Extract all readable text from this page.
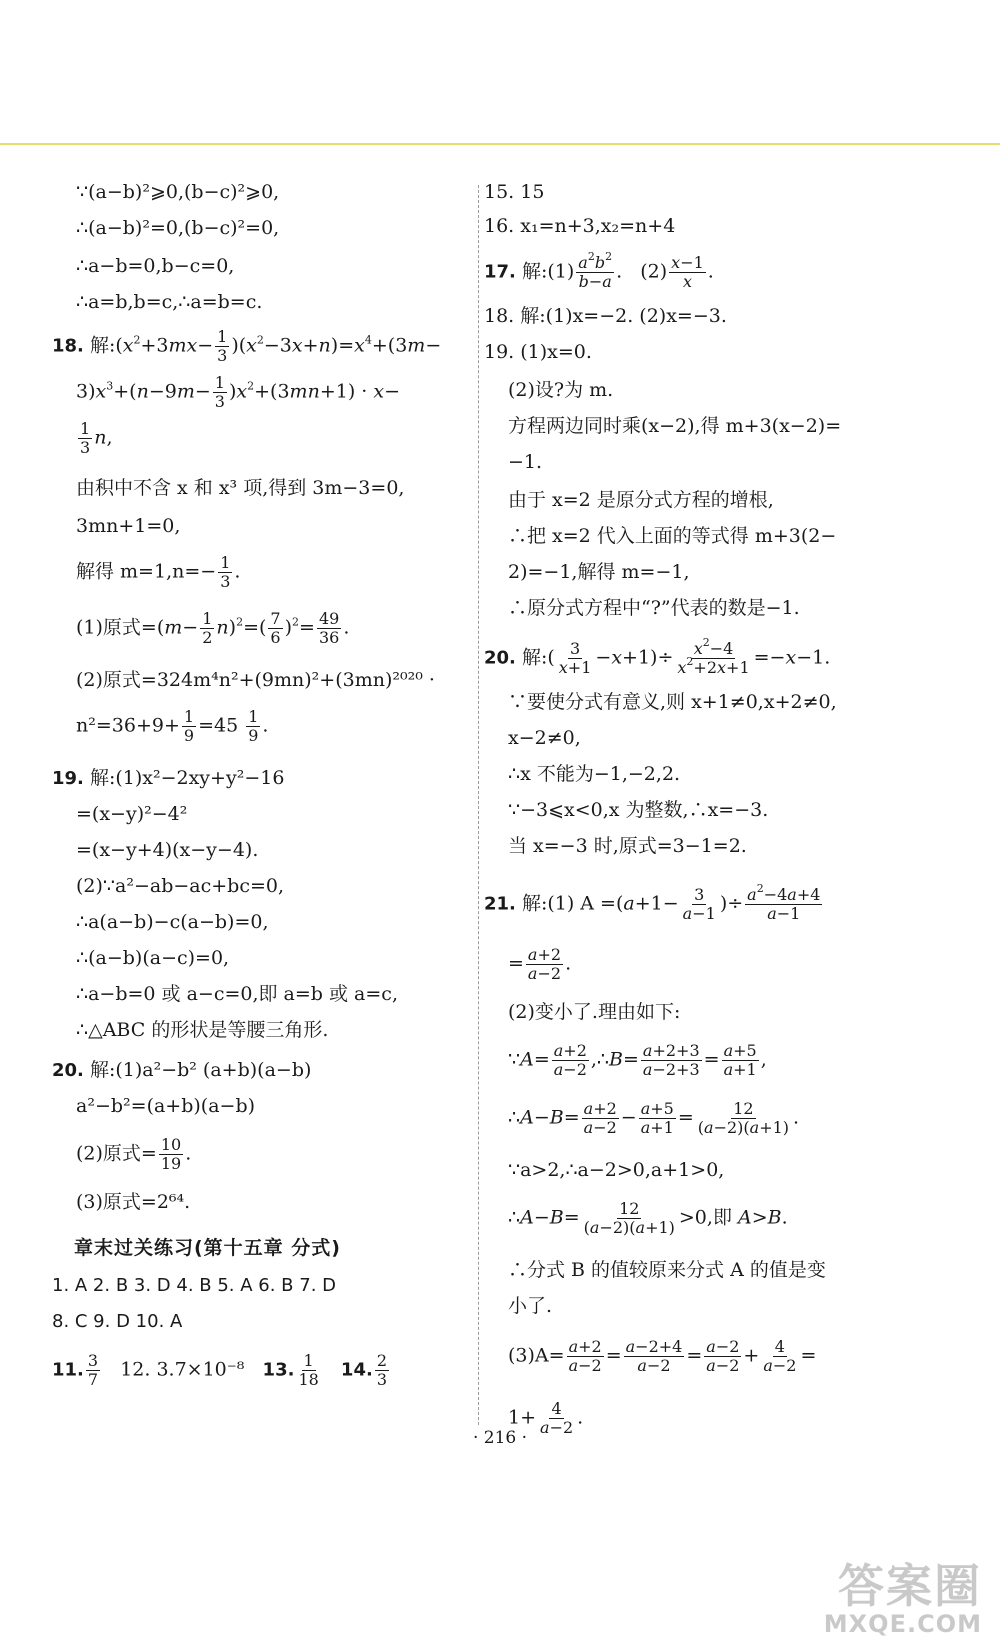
∵(a−b)²⩾0,(b−c)²⩾0,
∴(a−b)²=0,(b−c)²=0,
∴a−b=0,b−c=0,
∴a=b,b=c,∴a=b=c.
18. 解$:(x^2+3mx- \frac{1}{3} )(x^2-3x+n)=x^4+(3m-$
$3)x^3+(n-9m- \frac{1}{3} )x^2+(3mn+1) \cdot x-$
$\frac{1}{3} n$,
由积中不含 x 和 x³ 项,得到 3m−3=0,
3mn+1=0,
解得 $m=1,n=- \frac{1}{3}$ .
(1)原式$=(m- \frac{1}{2} n)^2=( \frac{7}{6} )^2= \frac{49}{36}$ .
(2)原式=324m⁴n²+(9mn)²+(3mn)²⁰²⁰ ·
$n^2=36+9+ \frac{1}{9} =45 \frac{1}{9}$ .
19. 解:(1)x²−2xy+y²−16
=(x−y)²−4²
=(x−y+4)(x−y−4).
(2)∵a²−ab−ac+bc=0,
∴a(a−b)−c(a−b)=0,
∴(a−b)(a−c)=0,
∴a−b=0 或 a−c=0,即 a=b 或 a=c,
∴△ABC 的形状是等腰三角形.
20. 解:(1)a²−b² (a+b)(a−b)
a²−b²=(a+b)(a−b)
(2)原式= $\frac{10}{19}$ .
(3)原式=2⁶⁴.
章末过关练习(第十五章 分式)
1. A 2. B 3. D 4. B 5. A 6. B 7. D
8. C 9. D 10. A
11. $\frac{3}{7} 12$. 3.7×10⁻⁸ 13. $\frac{1}{18} 14$. $\frac{2}{3}$
15. 15
16. x₁=n+3,x₂=n+4
17. 解:(1) $\frac{a^2b^2}{b-a}$ .   $(2) \frac{x-1}{x}$ .
18. 解:(1)x=−2. (2)x=−3.
19. (1)x=0.
(2)设?为 m.
方程两边同时乘(x−2),得 m+3(x−2)=
−1.
由于 x=2 是原分式方程的增根,
∴把 x=2 代入上面的等式得 m+3(2−
2)=−1,解得 m=−1,
∴原分式方程中“?”代表的数是−1.
20. 解:( $\frac{3}{x+1} -x+1)\div \frac{x^2-4}{x^2+2x+1} =-x-1$.
∵要使分式有意义,则 x+1≠0,x+2≠0,
x−2≠0,
∴x 不能为−1,−2,2.
∵−3⩽x<0,x 为整数,∴x=−3.
当 x=−3 时,原式=3−1=2.
21. 解:(1) $A =(a+1- \frac{3}{a-1}$ )÷ $\frac{a^2-4a+4}{a-1}$
= $\frac{a+2}{a-2}$ .
(2)变小了.理由如下:
∵A= $\frac{a+2}{a-2}$ ,∴B= $\frac{a+2+3}{a-2+3} = \frac{a+5}{a+1}$ ,
∴A−B= $\frac{a+2}{a-2} - \frac{a+5}{a+1} = \frac{12}{(a-2)(a+1)}$ .
∵a>2,∴a−2>0,a+1>0,
∴A−B= $\frac{12}{(a-2)(a+1)} >0$,即 A>B.
∴分式 B 的值较原来分式 A 的值是变
小了.
$(3)A= \frac{a+2}{a-2} = \frac{a-2+4}{a-2} = \frac{a-2}{a-2} + \frac{4}{a-2}$ =
$1+ \frac{4}{a-2}$ .
· 216 ·
答案圈
MXQE.COM
